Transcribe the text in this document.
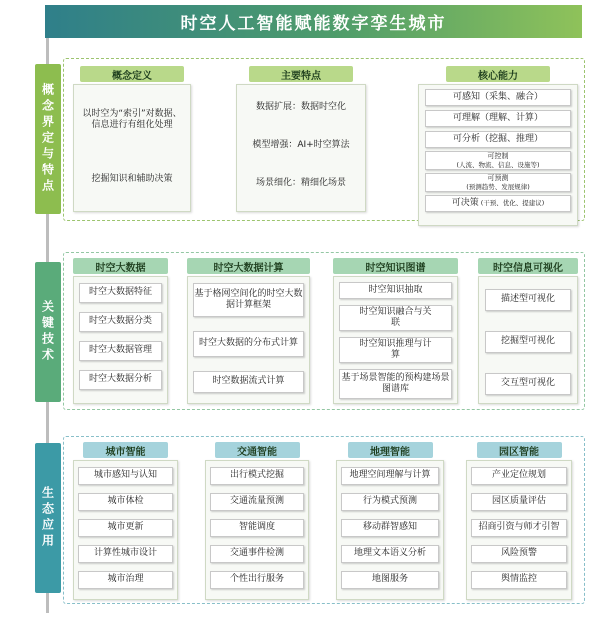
时空人工智能赋能数字孪生城市
概念界定与特点
关键技术
生态应用
概念定义
以时空为“索引”对数据、信息进行有组化处理
挖掘知识和辅助决策
主要特点
数据扩展：数据时空化
模型增强：AI+时空算法
场景细化：精细化场景
核心能力
可感知（采集、融合）
可理解（理解、计算）
可分析（挖掘、推理）
可控制
(人流、物流、信息、设施等)
可预测
(预测趋势、发展规律)
可决策 (干预、优化、提建议)
时空大数据
时空大数据特征
时空大数据分类
时空大数据管理
时空大数据分析
时空大数据计算
基于格网空间化的时空大数据计算框架
时空大数据的分布式计算
时空数据流式计算
时空知识图谱
时空知识抽取
时空知识融合与关联
时空知识推理与计算
基于场景智能的预构建场景图谱库
时空信息可视化
描述型可视化
挖掘型可视化
交互型可视化
城市智能
城市感知与认知
城市体检
城市更新
计算性城市设计
城市治理
交通智能
出行模式挖掘
交通流量预测
智能调度
交通事件检测
个性出行服务
地理智能
地理空间理解与计算
行为模式预测
移动群智感知
地理文本语义分析
地图服务
园区智能
产业定位规划
园区质量评估
招商引资与师才引智
风险预警
舆情监控
